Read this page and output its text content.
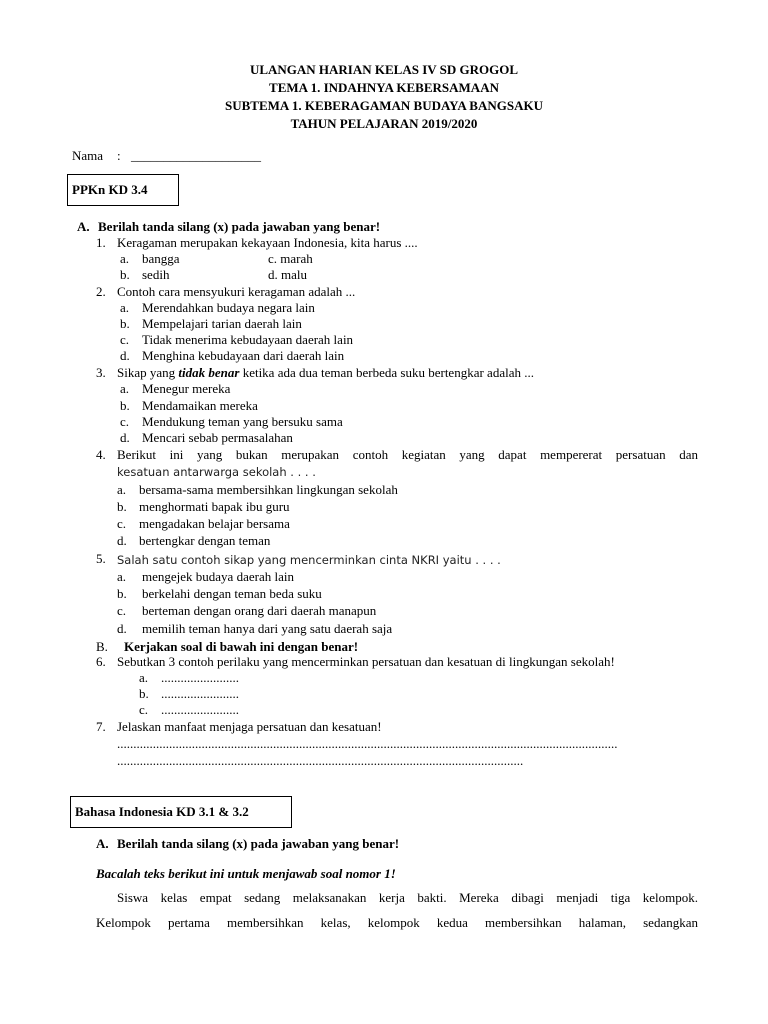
ULANGAN HARIAN KELAS IV SD GROGOL
TEMA 1. INDAHNYA KEBERSAMAAN
SUBTEMA 1. KEBERAGAMAN BUDAYA BANGSAKU
TAHUN PELAJARAN 2019/2020
Nama : ____________________
PPKn KD 3.4
A. Berilah tanda silang (x) pada jawaban yang benar!
1. Keragaman merupakan kekayaan Indonesia, kita harus ....
a. bangga	c. marah
b. sedih	d. malu
2. Contoh cara mensyukuri keragaman adalah ...
a. Merendahkan budaya negara lain
b. Mempelajari tarian daerah lain
c. Tidak menerima kebudayaan daerah lain
d. Menghina kebudayaan dari daerah lain
3. Sikap yang tidak benar ketika ada dua teman berbeda suku bertengkar adalah ...
a. Menegur mereka
b. Mendamaikan mereka
c. Mendukung teman yang bersuku sama
d. Mencari sebab permasalahan
4. Berikut ini yang bukan merupakan contoh kegiatan yang dapat mempererat persatuan dan
kesatuan antarwarga sekolah . . . .
a. bersama-sama membersihkan lingkungan sekolah
b. menghormati bapak ibu guru
c. mengadakan belajar bersama
d. bertengkar dengan teman
5. Salah satu contoh sikap yang mencerminkan cinta NKRI yaitu . . . .
a. mengejek budaya daerah lain
b. berkelahi dengan teman beda suku
c. berteman dengan orang dari daerah manapun
d. memilih teman hanya dari yang satu daerah saja
B. Kerjakan soal di bawah ini dengan benar!
6. Sebutkan 3 contoh perilaku yang mencerminkan persatuan dan kesatuan di lingkungan sekolah!
a. ........................
b. ........................
c. ........................
7. Jelaskan manfaat menjaga persatuan dan kesatuan!
..........................................................................................................................................................
.............................................................................................................................
Bahasa Indonesia KD 3.1 & 3.2
A. Berilah tanda silang (x) pada jawaban yang benar!
Bacalah teks berikut ini untuk menjawab soal nomor 1!
Siswa kelas empat sedang melaksanakan kerja bakti. Mereka dibagi menjadi tiga kelompok.
Kelompok pertama membersihkan kelas, kelompok kedua membersihkan halaman, sedangkan
